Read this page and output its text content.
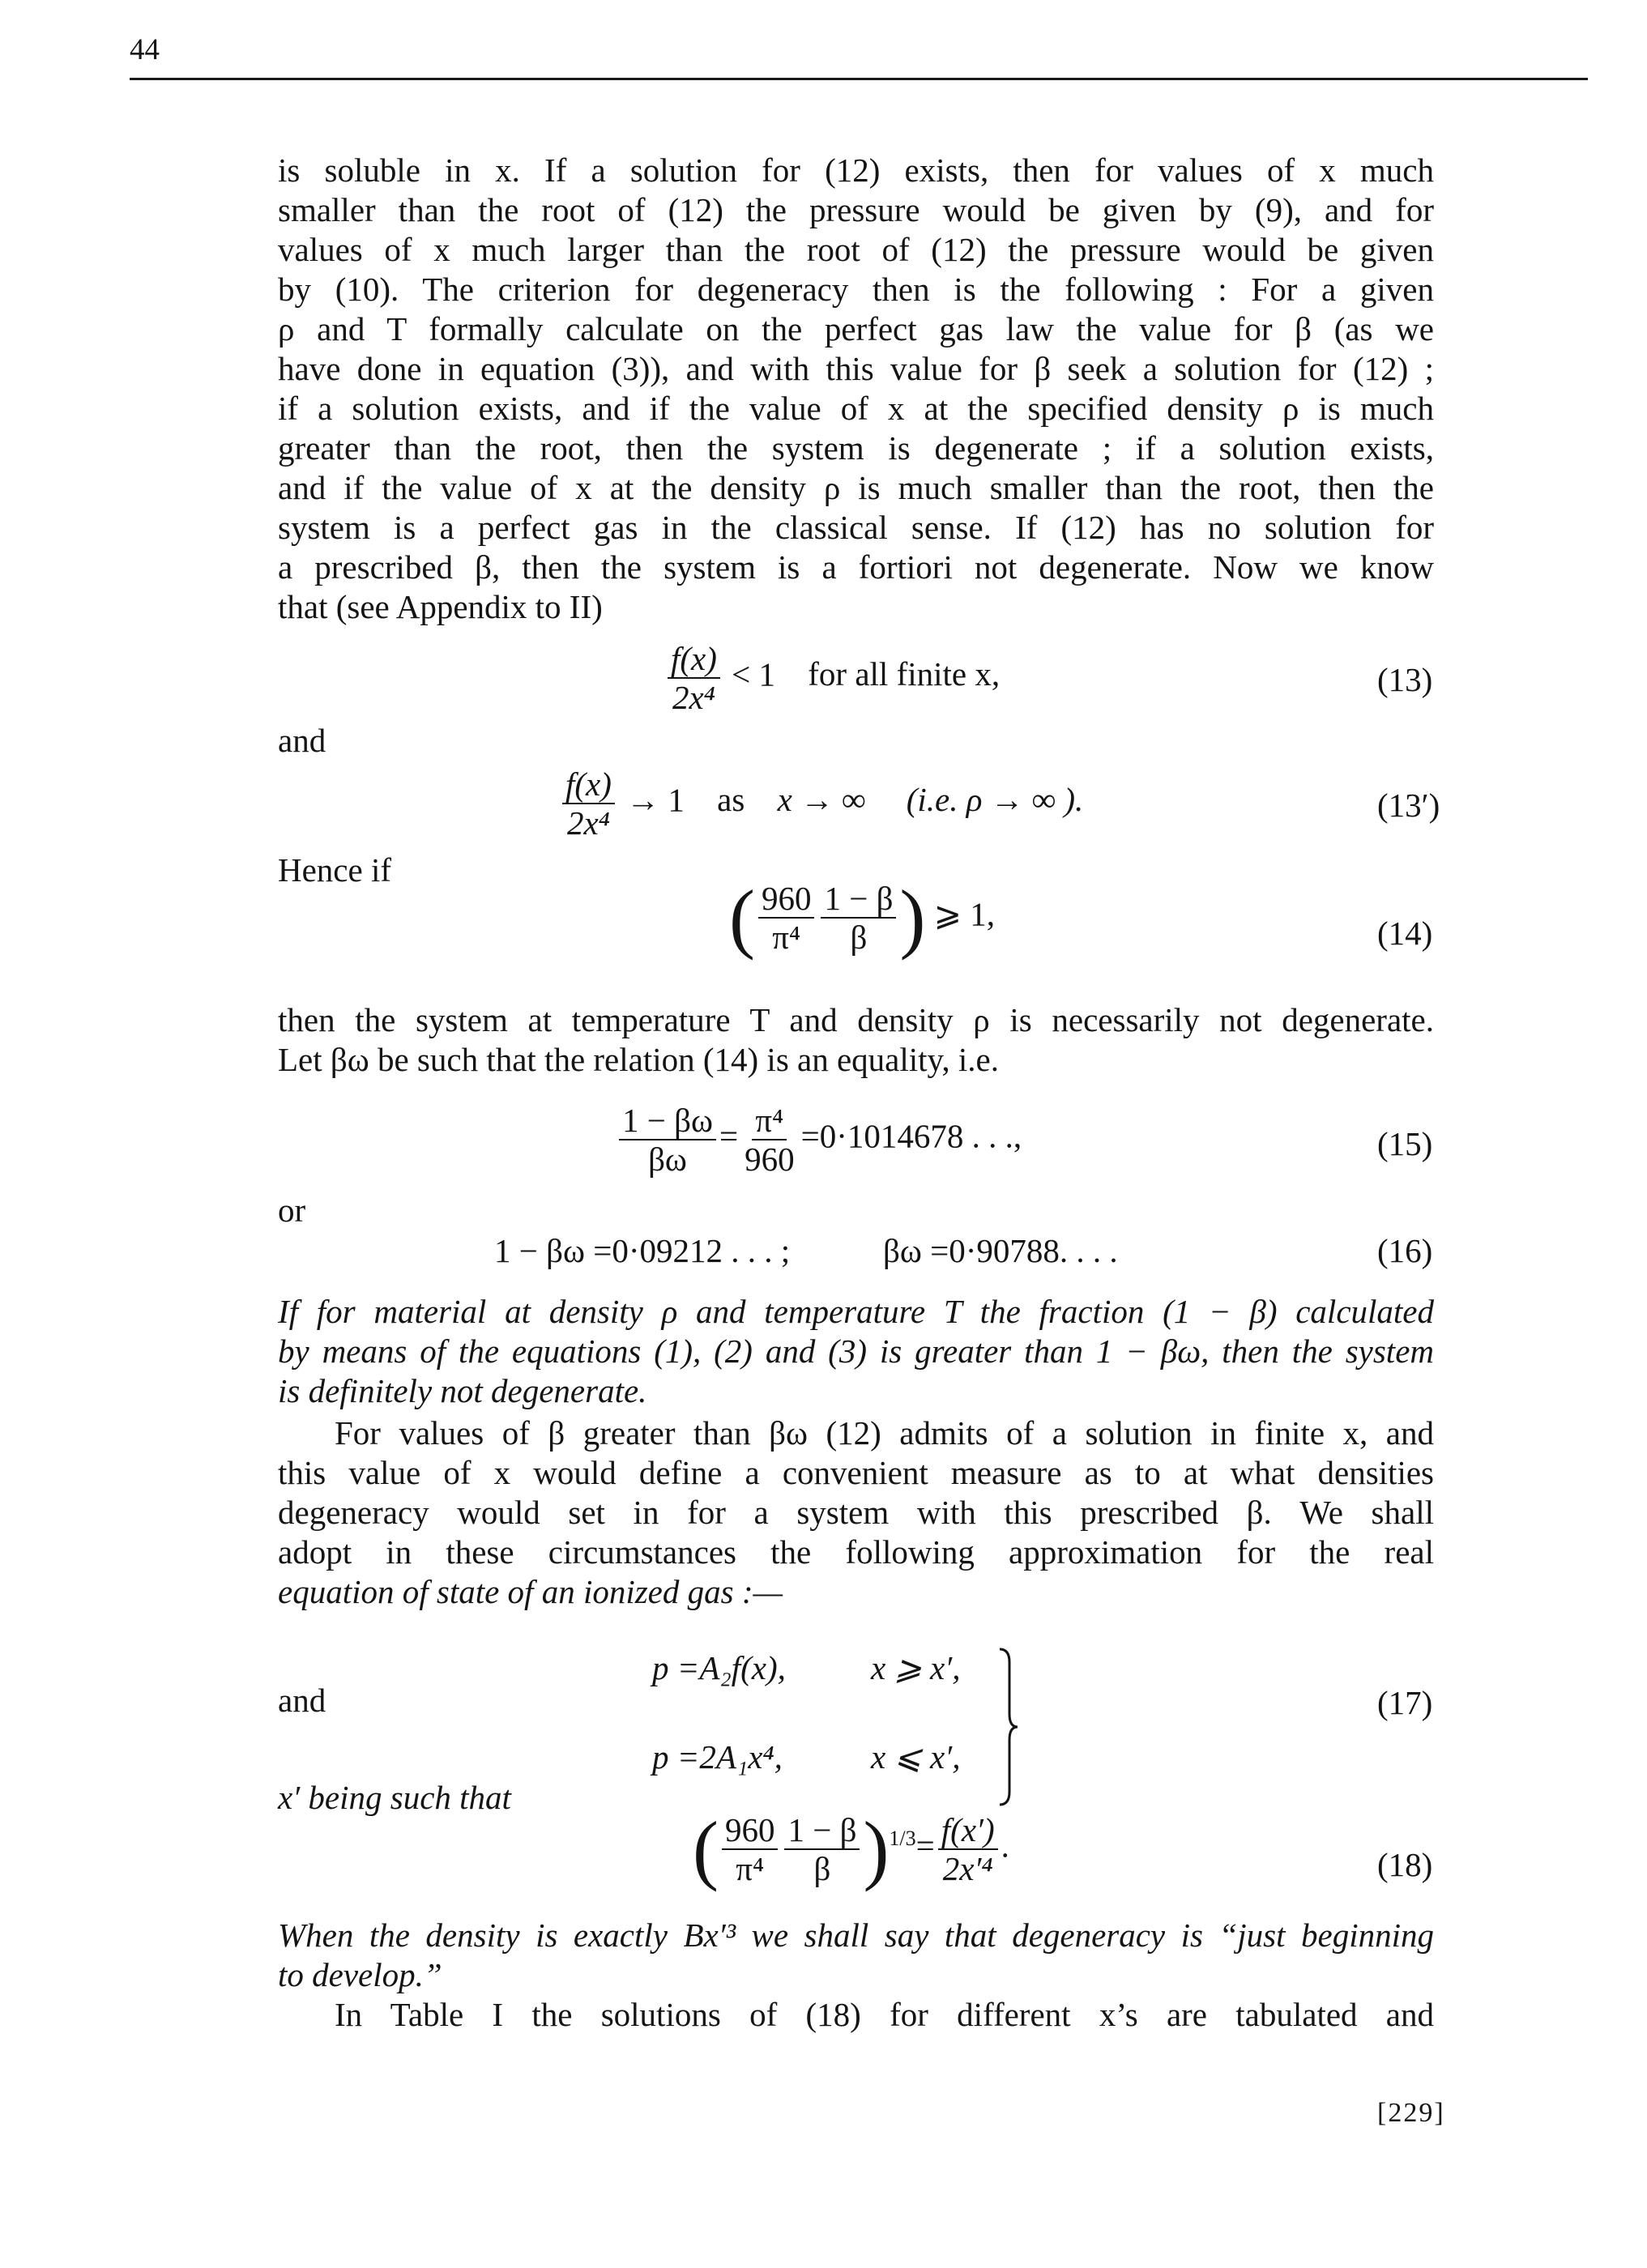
44
is soluble in x. If a solution for (12) exists, then for values of x much
smaller than the root of (12) the pressure would be given by (9), and for
values of x much larger than the root of (12) the pressure would be given
by (10). The criterion for degeneracy then is the following : For a given
ρ and T formally calculate on the perfect gas law the value for β (as we
have done in equation (3)), and with this value for β seek a solution for (12) ;
if a solution exists, and if the value of x at the specified density ρ is much
greater than the root, then the system is degenerate ; if a solution exists,
and if the value of x at the density ρ is much smaller than the root, then the
system is a perfect gas in the classical sense. If (12) has no solution for
a prescribed β, then the system is a fortiori not degenerate. Now we know
that (see Appendix to II)
$\frac{f(x)}{\text{2x⁴}} < 1$ for all finite x,	(13)
and
$\frac{f(x)}{\text{2x⁴}} \to 1$ as x → ∞ (i.e. ρ → ∞ ).	(13′)
Hence if
( $\frac{960}{\text{π⁴}} \frac{1 - \beta}{\beta}$ ) ⩾ 1,
(14)
then the system at temperature T and density ρ is necessarily not degenerate.
Let βω be such that the relation (14) is an equality, i.e.
$\frac{1 - \beta\omega}{\beta\omega} = \frac{\text{π⁴}}{960} =0\cdot 1014678$ . . .,	(15)
or
1 − βω =0·09212 . . . ;	βω =0·90788. . . .	(16)
If for material at density ρ and temperature T the fraction (1 − β) calculated
by means of the equations (1), (2) and (3) is greater than 1 − βω, then the system
is definitely not degenerate.
For values of β greater than βω (12) admits of a solution in finite x, and
this value of x would define a convenient measure as to at what densities
degeneracy would set in for a system with this prescribed β. We shall
adopt in these circumstances the following approximation for the real
equation of state of an ionized gas :—
p =A₂f(x),	x ⩾ x′,
and
p =2A₁x⁴,	x ⩽ x′,
(17)
x′ being such that
( $\frac{960}{\text{π⁴}} \frac{1 - \beta}{\beta} )^{1/3}= \frac{f(x')}{\text{2x′⁴}}$ .
(18)
When the density is exactly Bx′³ we shall say that degeneracy is “just beginning
to develop.”
In Table I the solutions of (18) for different x’s are tabulated and
[229]
